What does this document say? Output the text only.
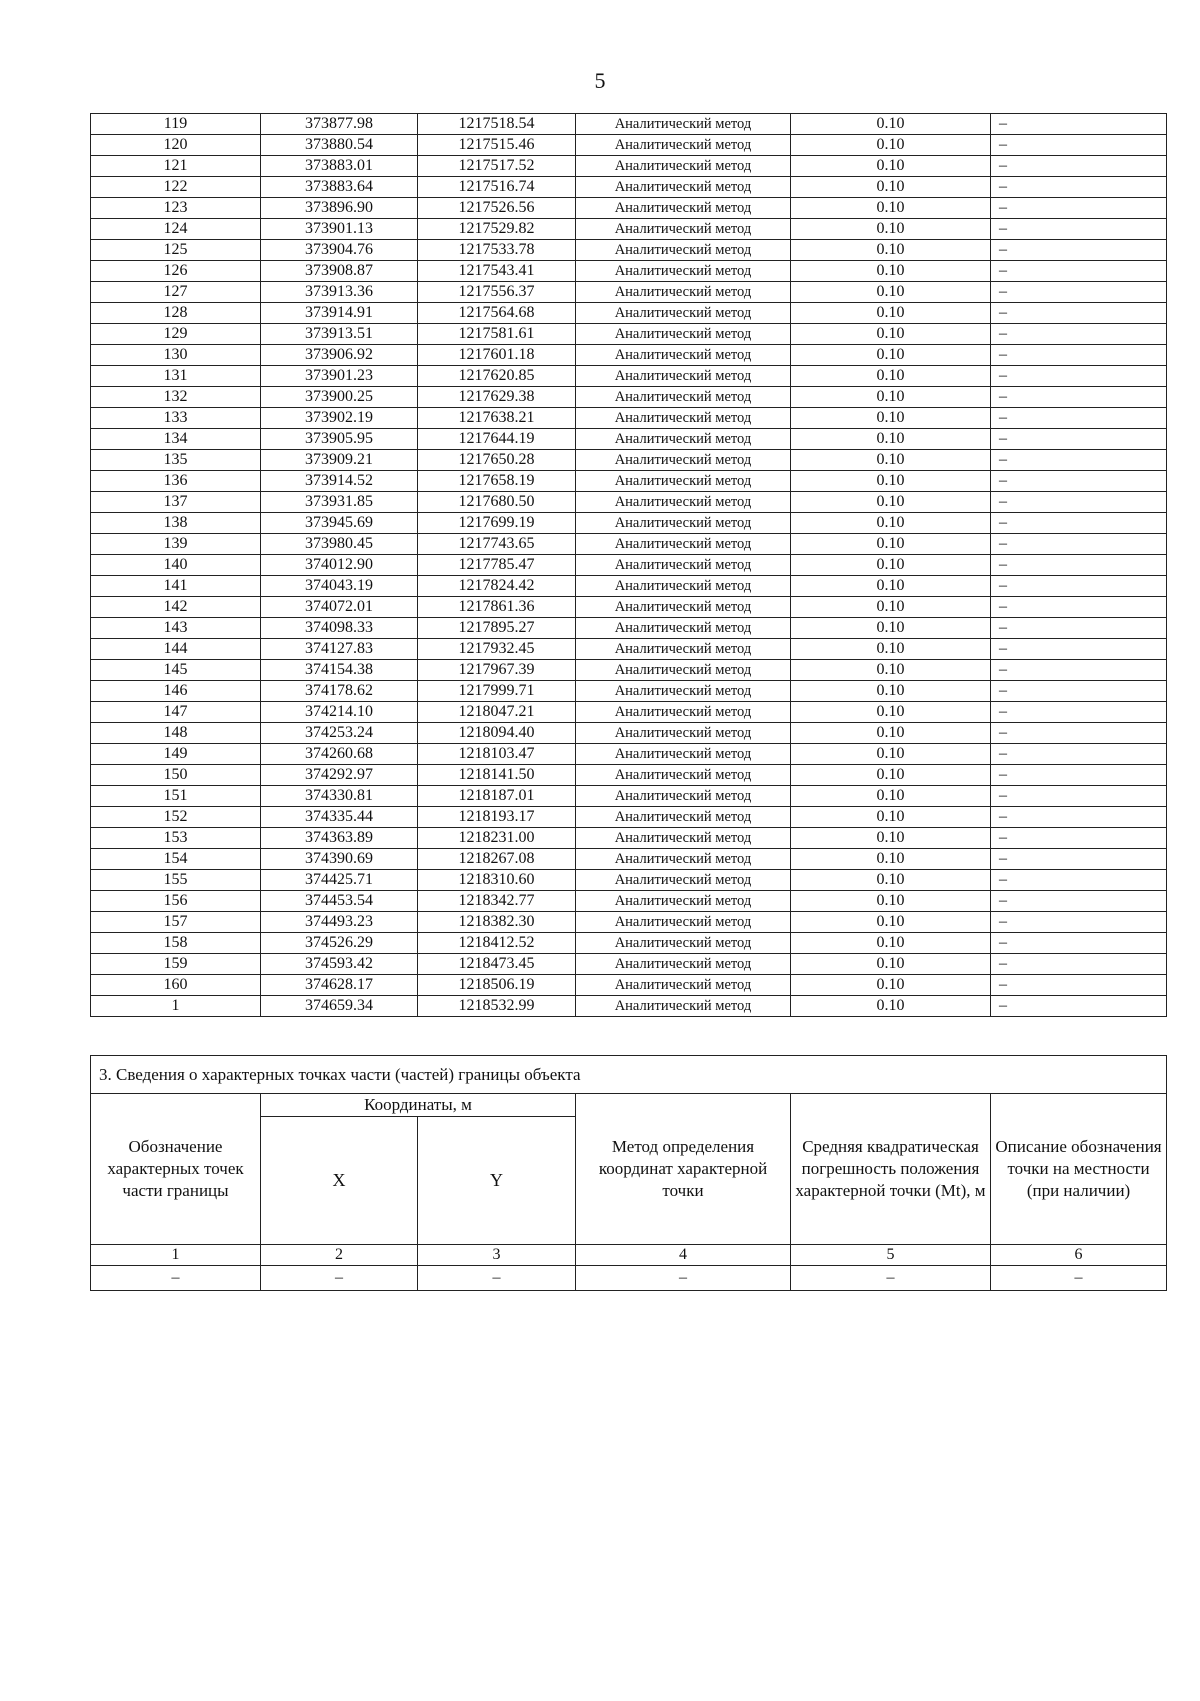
5
119	373877.98	1217518.54	Аналитический метод	0.10	–
120	373880.54	1217515.46	Аналитический метод	0.10	–
121	373883.01	1217517.52	Аналитический метод	0.10	–
122	373883.64	1217516.74	Аналитический метод	0.10	–
123	373896.90	1217526.56	Аналитический метод	0.10	–
124	373901.13	1217529.82	Аналитический метод	0.10	–
125	373904.76	1217533.78	Аналитический метод	0.10	–
126	373908.87	1217543.41	Аналитический метод	0.10	–
127	373913.36	1217556.37	Аналитический метод	0.10	–
128	373914.91	1217564.68	Аналитический метод	0.10	–
129	373913.51	1217581.61	Аналитический метод	0.10	–
130	373906.92	1217601.18	Аналитический метод	0.10	–
131	373901.23	1217620.85	Аналитический метод	0.10	–
132	373900.25	1217629.38	Аналитический метод	0.10	–
133	373902.19	1217638.21	Аналитический метод	0.10	–
134	373905.95	1217644.19	Аналитический метод	0.10	–
135	373909.21	1217650.28	Аналитический метод	0.10	–
136	373914.52	1217658.19	Аналитический метод	0.10	–
137	373931.85	1217680.50	Аналитический метод	0.10	–
138	373945.69	1217699.19	Аналитический метод	0.10	–
139	373980.45	1217743.65	Аналитический метод	0.10	–
140	374012.90	1217785.47	Аналитический метод	0.10	–
141	374043.19	1217824.42	Аналитический метод	0.10	–
142	374072.01	1217861.36	Аналитический метод	0.10	–
143	374098.33	1217895.27	Аналитический метод	0.10	–
144	374127.83	1217932.45	Аналитический метод	0.10	–
145	374154.38	1217967.39	Аналитический метод	0.10	–
146	374178.62	1217999.71	Аналитический метод	0.10	–
147	374214.10	1218047.21	Аналитический метод	0.10	–
148	374253.24	1218094.40	Аналитический метод	0.10	–
149	374260.68	1218103.47	Аналитический метод	0.10	–
150	374292.97	1218141.50	Аналитический метод	0.10	–
151	374330.81	1218187.01	Аналитический метод	0.10	–
152	374335.44	1218193.17	Аналитический метод	0.10	–
153	374363.89	1218231.00	Аналитический метод	0.10	–
154	374390.69	1218267.08	Аналитический метод	0.10	–
155	374425.71	1218310.60	Аналитический метод	0.10	–
156	374453.54	1218342.77	Аналитический метод	0.10	–
157	374493.23	1218382.30	Аналитический метод	0.10	–
158	374526.29	1218412.52	Аналитический метод	0.10	–
159	374593.42	1218473.45	Аналитический метод	0.10	–
160	374628.17	1218506.19	Аналитический метод	0.10	–
1	374659.34	1218532.99	Аналитический метод	0.10	–
3. Сведения о характерных точках части (частей) границы объекта					
Обозначение характерных точек части границы	Координаты, м		Метод определения координат характерной точки	Средняя квадратическая погрешность положения характерной точки (Mt), м	Описание обозначения точки на местности (при наличии)
	X	Y			
1	2	3	4	5	6
–	–	–	–	–	–
